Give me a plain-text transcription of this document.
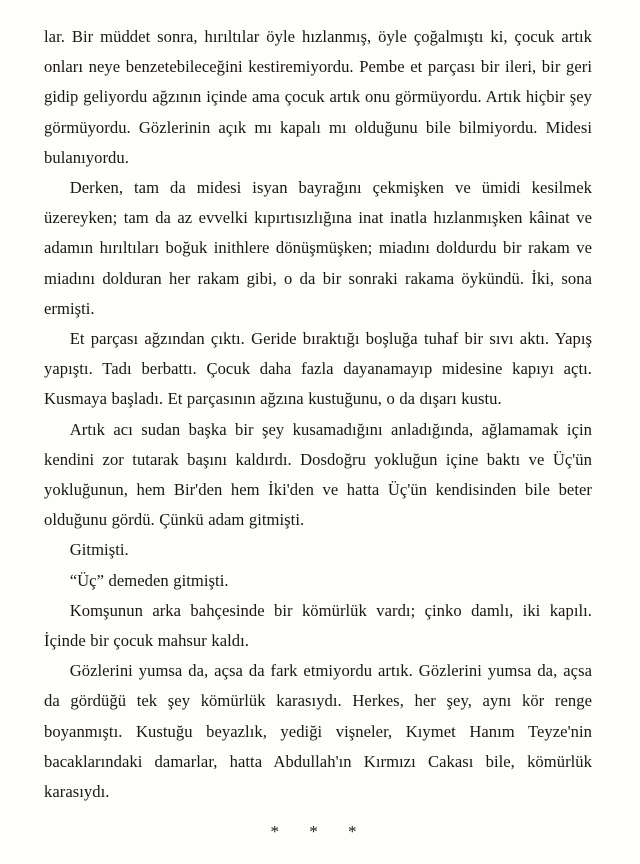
lar. Bir müddet sonra, hırıltılar öyle hızlanmış, öyle çoğalmıştı ki, çocuk artık onları neye benzetebileceğini kestiremiyordu. Pembe et parçası bir ileri, bir geri gidip geliyordu ağzının içinde ama çocuk artık onu görmüyordu. Artık hiçbir şey görmüyordu. Gözlerinin açık mı kapalı mı olduğunu bile bilmiyordu. Midesi bulanıyordu.

Derken, tam da midesi isyan bayrağını çekmişken ve ümidi kesilmek üzereyken; tam da az evvelki kıpırtısızlığına inat inatla hızlanmışken kâinat ve adamın hırıltıları boğuk inithlere dönüşmüşken; miadını doldurdu bir rakam ve miadını dolduran her rakam gibi, o da bir sonraki rakama öykündü. İki, sona ermişti.

Et parçası ağzından çıktı. Geride bıraktığı boşluğa tuhaf bir sıvı aktı. Yapış yapıştı. Tadı berbattı. Çocuk daha fazla dayanamayıp midesine kapıyı açtı. Kusmaya başladı. Et parçasının ağzına kustuğunu, o da dışarı kustu.

Artık acı sudan başka bir şey kusamadığını anladığında, ağlamamak için kendini zor tutarak başını kaldırdı. Dosdoğru yokluğun içine baktı ve Üç'ün yokluğunun, hem Bir'den hem İki'den ve hatta Üç'ün kendisinden bile beter olduğunu gördü. Çünkü adam gitmişti.

Gitmişti.

“Üç” demeden gitmişti.

Komşunun arka bahçesinde bir kömürlük vardı; çinko damlı, iki kapılı. İçinde bir çocuk mahsur kaldı.

Gözlerini yumsa da, açsa da fark etmiyordu artık. Gözlerini yumsa da, açsa da gördüğü tek şey kömürlük karasıydı. Herkes, her şey, aynı kör renge boyanmıştı. Kustuğu beyazlık, yediği vişneler, Kıymet Hanım Teyze'nin bacaklarındaki damarlar, hatta Abdullah'ın Kırmızı Cakası bile, kömürlük karasıydı.

* * *
